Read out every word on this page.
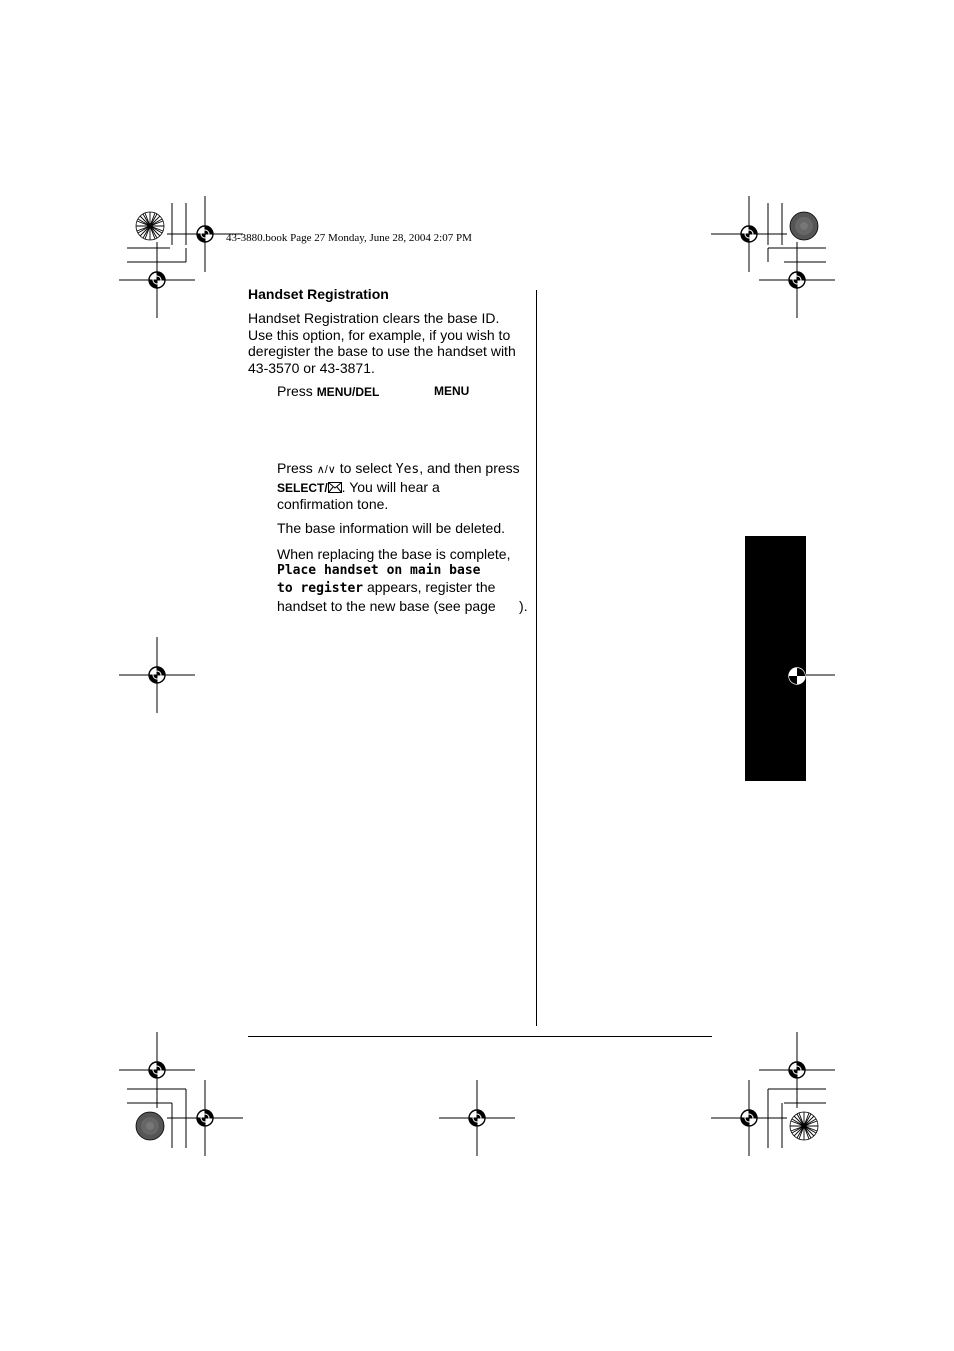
43-3880.book Page 27 Monday, June 28, 2004 2:07 PM
Handset Registration
Handset Registration clears the base ID.
Use this option, for example, if you wish to
deregister the base to use the handset with
43-3570 or 43-3871.
Press MENU/DEL	MENU
Press ∧/∨ to select Yes, and then press
SELECT/ . You will hear a
confirmation tone.
The base information will be deleted.
When replacing the base is complete,
Place handset on main base
to register appears, register the
handset to the new base (see page      ).
